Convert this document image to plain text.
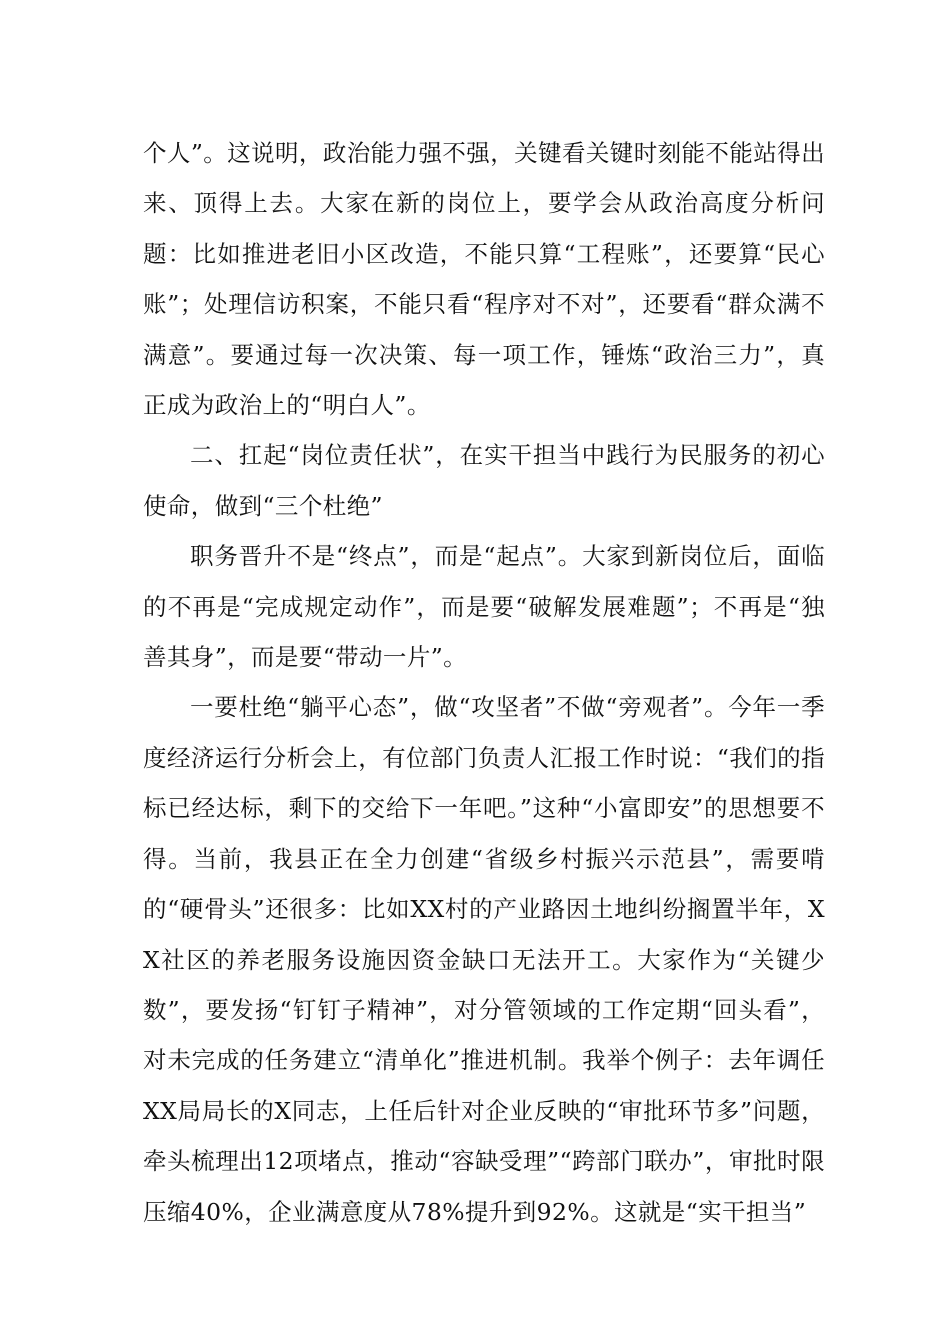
个人”。这说明，政治能力强不强，关键看关键时刻能不能站得出来、顶得上去。大家在新的岗位上，要学会从政治高度分析问题：比如推进老旧小区改造，不能只算“工程账”，还要算“民心账”；处理信访积案，不能只看“程序对不对”，还要看“群众满不满意”。要通过每一次决策、每一项工作，锤炼“政治三力”，真正成为政治上的“明白人”。

二、扛起“岗位责任状”，在实干担当中践行为民服务的初心使命，做到“三个杜绝”

职务晋升不是“终点”，而是“起点”。大家到新岗位后，面临的不再是“完成规定动作”，而是要“破解发展难题”；不再是“独善其身”，而是要“带动一片”。

一要杜绝“躺平心态”，做“攻坚者”不做“旁观者”。今年一季度经济运行分析会上，有位部门负责人汇报工作时说：“我们的指标已经达标，剩下的交给下一年吧。”这种“小富即安”的思想要不得。当前，我县正在全力创建“省级乡村振兴示范县”，需要啃的“硬骨头”还很多：比如XX村的产业路因土地纠纷搁置半年，XX社区的养老服务设施因资金缺口无法开工。大家作为“关键少数”，要发扬“钉钉子精神”，对分管领域的工作定期“回头看”，对未完成的任务建立“清单化”推进机制。我举个例子：去年调任XX局局长的X同志，上任后针对企业反映的“审批环节多”问题，牵头梳理出12项堵点，推动“容缺受理”“跨部门联办”，审批时限压缩40%，企业满意度从78%提升到92%。这就是“实干担当”
